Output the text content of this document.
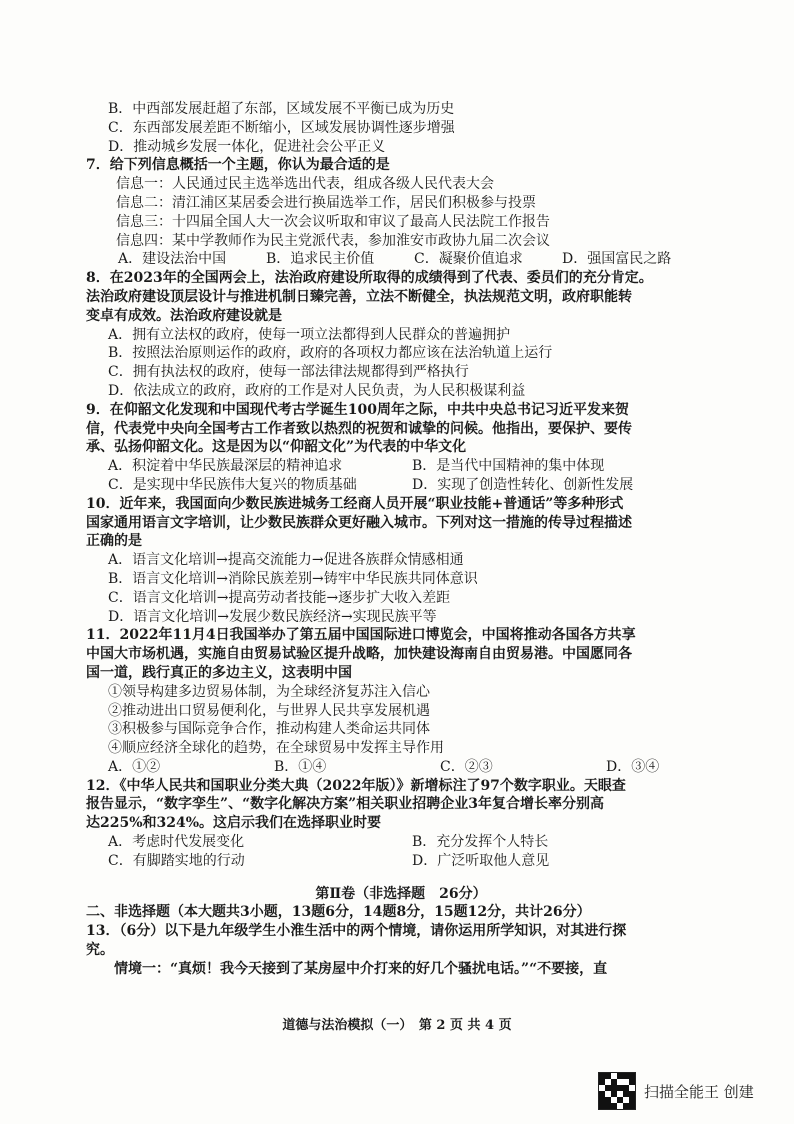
B．中西部发展赶超了东部，区域发展不平衡已成为历史

C．东西部发展差距不断缩小，区域发展协调性逐步增强

D．推动城乡发展一体化，促进社会公平正义

7．给下列信息概括一个主题，你认为最合适的是

信息一：人民通过民主选举选出代表，组成各级人民代表大会

信息二：清江浦区某居委会进行换届选举工作，居民们积极参与投票

信息三：十四届全国人大一次会议听取和审议了最高人民法院工作报告

信息四：某中学教师作为民主党派代表，参加淮安市政协九届二次会议

A．建设法治中国	B．追求民主价值	C．凝聚价值追求	D．强国富民之路

8．在2023年的全国两会上，法治政府建设所取得的成绩得到了代表、委员们的充分肯定。

法治政府建设顶层设计与推进机制日臻完善，立法不断健全，执法规范文明，政府职能转

变卓有成效。法治政府建设就是

A．拥有立法权的政府，使每一项立法都得到人民群众的普遍拥护

B．按照法治原则运作的政府，政府的各项权力都应该在法治轨道上运行

C．拥有执法权的政府，使每一部法律法规都得到严格执行

D．依法成立的政府，政府的工作是对人民负责，为人民积极谋利益

9．在仰韶文化发现和中国现代考古学诞生100周年之际，中共中央总书记习近平发来贺

信，代表党中央向全国考古工作者致以热烈的祝贺和诚挚的问候。他指出，要保护、要传

承、弘扬仰韶文化。这是因为以“仰韶文化”为代表的中华文化

A．积淀着中华民族最深层的精神追求	B．是当代中国精神的集中体现
C．是实现中华民族伟大复兴的物质基础	D．实现了创造性转化、创新性发展

10．近年来，我国面向少数民族进城务工经商人员开展“职业技能+普通话”等多种形式

国家通用语言文字培训，让少数民族群众更好融入城市。下列对这一措施的传导过程描述

正确的是

A．语言文化培训→提高交流能力→促进各族群众情感相通

B．语言文化培训→消除民族差别→铸牢中华民族共同体意识

C．语言文化培训→提高劳动者技能→逐步扩大收入差距

D．语言文化培训→发展少数民族经济→实现民族平等

11．2022年11月4日我国举办了第五届中国国际进口博览会，中国将推动各国各方共享

中国大市场机遇，实施自由贸易试验区提升战略，加快建设海南自由贸易港。中国愿同各

国一道，践行真正的多边主义，这表明中国

①领导构建多边贸易体制，为全球经济复苏注入信心

②推动进出口贸易便利化，与世界人民共享发展机遇

③积极参与国际竞争合作，推动构建人类命运共同体

④顺应经济全球化的趋势，在全球贸易中发挥主导作用

A．①②	B．①④	C．②③	D．③④

12．《中华人民共和国职业分类大典（2022年版）》新增标注了97个数字职业。天眼查

报告显示，“数字孪生”、“数字化解决方案”相关职业招聘企业3年复合增长率分别高

达225%和324%。这启示我们在选择职业时要

A．考虑时代发展变化	B．充分发挥个人特长
C．有脚踏实地的行动	D．广泛听取他人意见

第Ⅱ卷（非选择题　26分）

二、非选择题（本大题共3小题，13题6分，14题8分，15题12分，共计26分）

13．（6分）以下是九年级学生小淮生活中的两个情境，请你运用所学知识，对其进行探

究。

情境一：“真烦！我今天接到了某房屋中介打来的好几个骚扰电话。”“不要接，直

道德与法治模拟（一）　第 2 页 共 4 页
扫描全能王 创建
